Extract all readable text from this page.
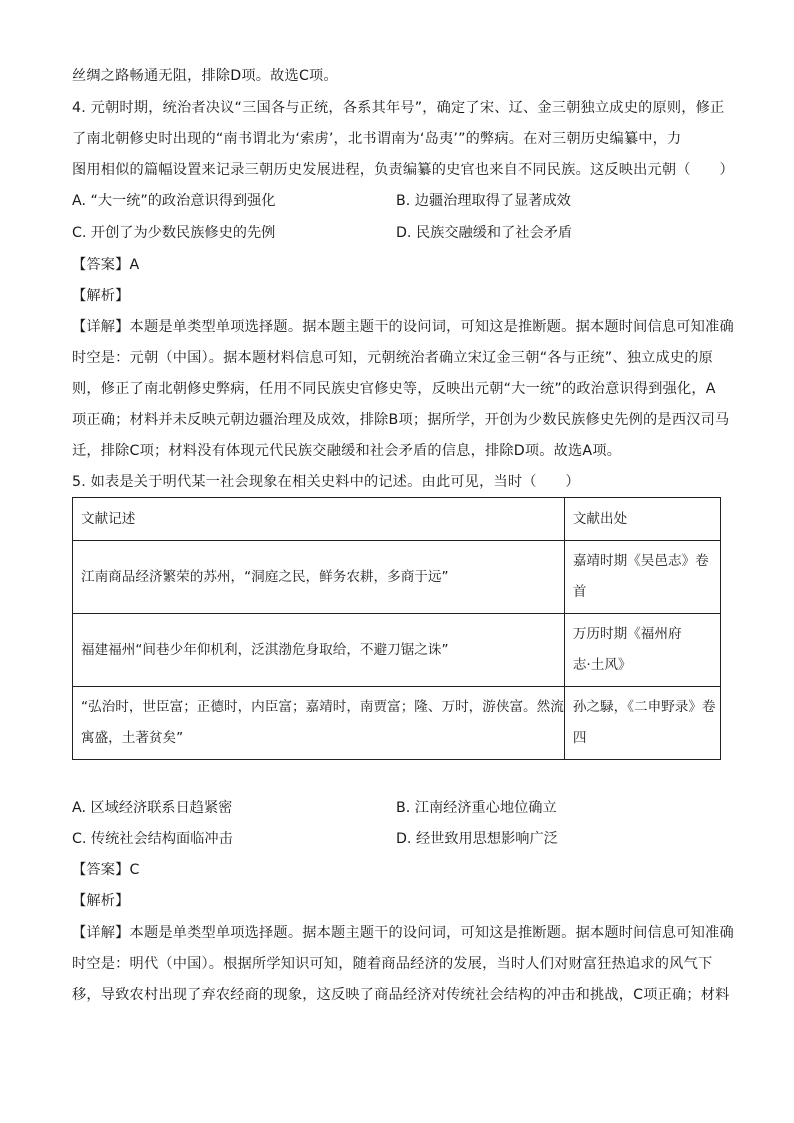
丝绸之路畅通无阻，排除D项。故选C项。
4. 元朝时期，统治者决议“三国各与正统，各系其年号”，确定了宋、辽、金三朝独立成史的原则，修正
了南北朝修史时出现的“南书谓北为‘索虏’，北书谓南为‘岛夷’”的弊病。在对三朝历史编纂中，力
图用相似的篇幅设置来记录三朝历史发展进程，负责编纂的史官也来自不同民族。这反映出元朝（　　）
A. “大一统”的政治意识得到强化	B. 边疆治理取得了显著成效
C. 开创了为少数民族修史的先例	D. 民族交融缓和了社会矛盾
【答案】A
【解析】
【详解】本题是单类型单项选择题。据本题主题干的设问词，可知这是推断题。据本题时间信息可知准确
时空是：元朝（中国）。据本题材料信息可知，元朝统治者确立宋辽金三朝“各与正统”、独立成史的原
则，修正了南北朝修史弊病，任用不同民族史官修史等，反映出元朝“大一统”的政治意识得到强化，A
项正确；材料并未反映元朝边疆治理及成效，排除B项；据所学，开创为少数民族修史先例的是西汉司马
迁，排除C项；材料没有体现元代民族交融缓和社会矛盾的信息，排除D项。故选A项。
5. 如表是关于明代某一社会现象在相关史料中的记述。由此可见，当时（　　）
文献记述	文献出处

江南商品经济繁荣的苏州，“洞庭之民，鲜务农耕，多商于远”	嘉靖时期《吴邑志》卷
首

福建福州“间巷少年仰机利，泛淇渤危身取给，不避刀锯之诛”	万历时期《福州府
志·土风》

“弘治时，世臣富；正德时，内臣富；嘉靖时，南贾富；隆、万时，游侠富。然流
寓盛，土著贫矣”	孙之騄，《二申野录》卷
四
A. 区域经济联系日趋紧密	B. 江南经济重心地位确立
C. 传统社会结构面临冲击	D. 经世致用思想影响广泛
【答案】C
【解析】
【详解】本题是单类型单项选择题。据本题主题干的设问词，可知这是推断题。据本题时间信息可知准确
时空是：明代（中国）。根据所学知识可知，随着商品经济的发展，当时人们对财富狂热追求的风气下
移，导致农村出现了弃农经商的现象，这反映了商品经济对传统社会结构的冲击和挑战，C项正确；材料
